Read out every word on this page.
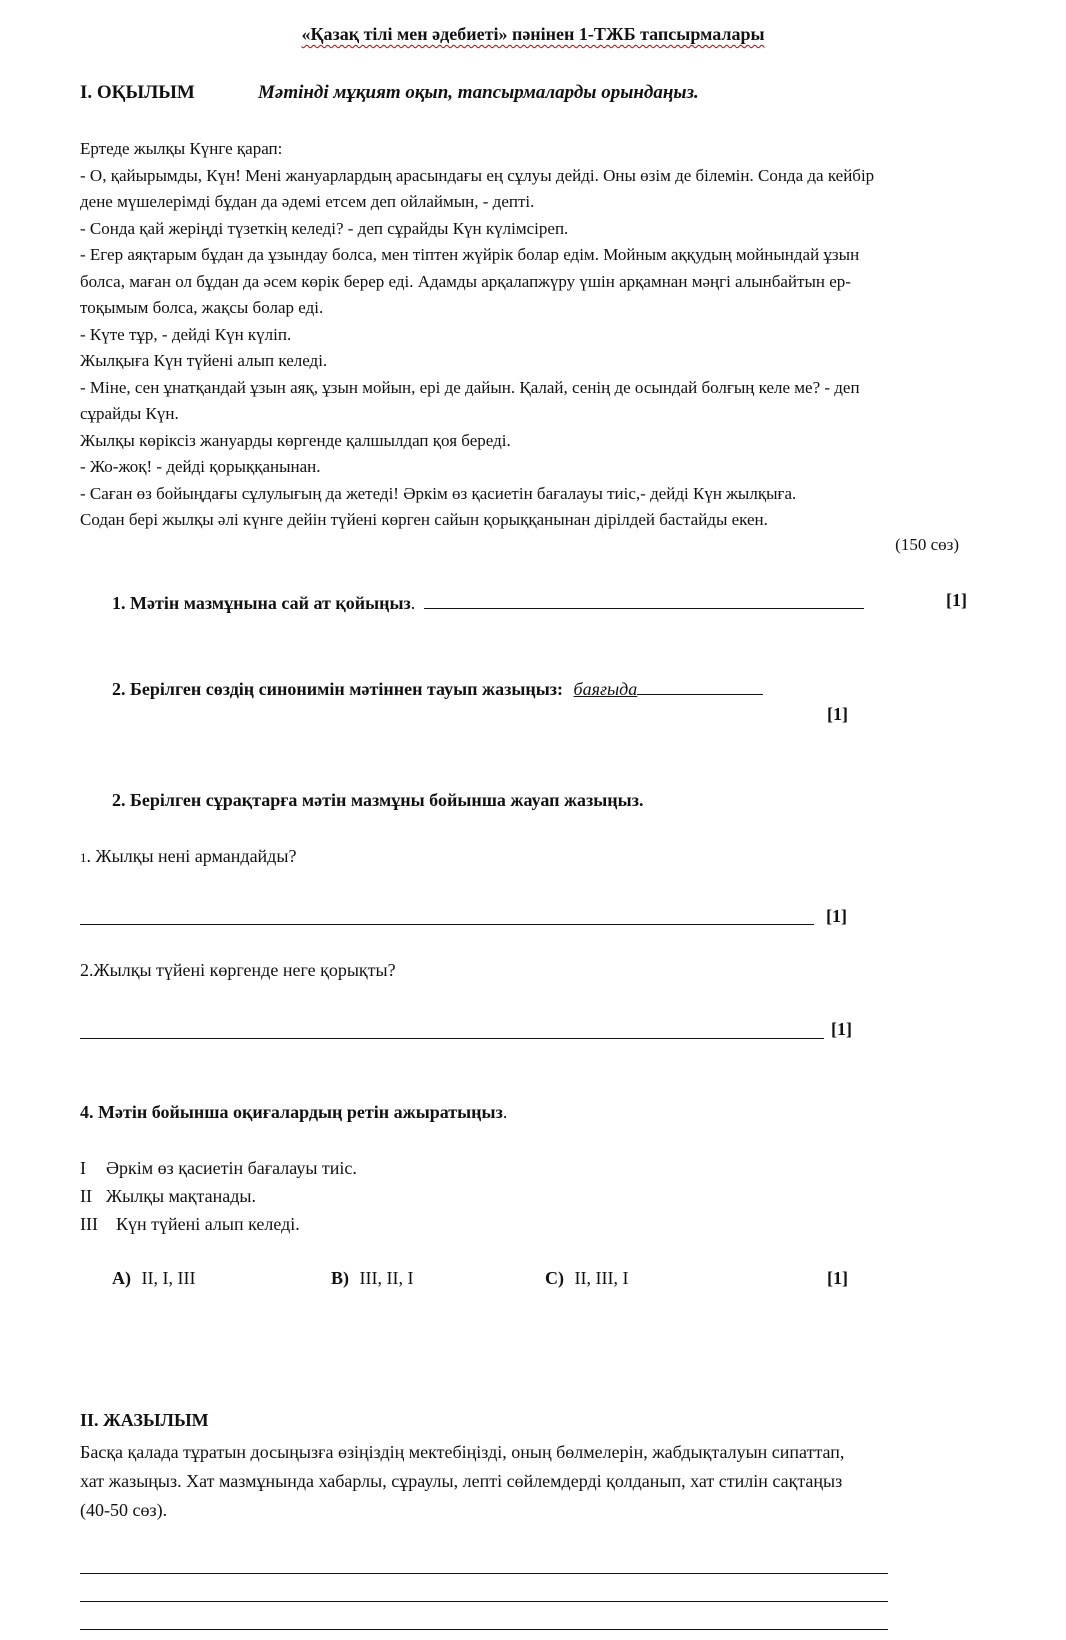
«Қазақ тілі мен әдебиеті» пәнінен 1-ТЖБ тапсырмалары
I. ОҚЫЛЫМ	Мәтінді мұқият оқып, тапсырмаларды орындаңыз.
Ертеде жылқы Күнге қарап:
- О, қайырымды, Күн! Мені жануарлардың арасындағы ең сұлуы дейді. Оны өзім де білемін. Сонда да кейбір
дене мүшелерімді бұдан да әдемі етсем деп ойлаймын, - депті.
- Сонда қай жеріңді түзеткің келеді? - деп сұрайды Күн күлімсіреп.
- Егер аяқтарым бұдан да ұзындау болса, мен тіптен жүйрік болар едім. Мойным аққудың мойнындай ұзын
болса, маған ол бұдан да әсем көрік берер еді. Адамды арқалапжүру үшін арқамнан мәңгі алынбайтын ер-
тоқымым болса, жақсы болар еді.
- Күте тұр, - дейді Күн күліп.
Жылқыға Күн түйені алып келеді.
- Міне, сен ұнатқандай ұзын аяқ, ұзын мойын, ері де дайын. Қалай, сенің де осындай болғың келе ме? - деп
сұрайды Күн.
Жылқы көріксіз жануарды көргенде қалшылдап қоя береді.
- Жо-жоқ! - дейді қорыққанынан.
- Саған өз бойыңдағы сұлулығың да жетеді! Әркім өз қасиетін бағалауы тиіс,- дейді Күн жылқыға.
Содан бері жылқы әлі күнге дейін түйені көрген сайын қорыққанынан дірілдей бастайды екен.
(150 сөз)
1. Мәтін мазмұнына сай ат қойыңыз.	[1]
2. Берілген сөздің синонимін мәтіннен тауып жазыңыз: баяғыда
[1]
2. Берілген сұрақтарға мәтін мазмұны бойынша жауап жазыңыз.
1. Жылқы нені армандайды?
[1]
2.Жылқы түйені көргенде неге қорықты?
[1]
4. Мәтін бойынша оқиғалардың ретін ажыратыңыз.
I Әркім өз қасиетін бағалауы тиіс.
II Жылқы мақтанады.
III Күн түйені алып келеді.
A) II, I, III	B) III, II, I	C) II, III, I	[1]
II. ЖАЗЫЛЫМ
Басқа қалада тұратын досыңызға өзіңіздің мектебіңізді, оның бөлмелерін, жабдықталуын сипаттап,
хат жазыңыз. Хат мазмұнында хабарлы, сұраулы, лепті сөйлемдерді қолданып, хат стилін сақтаңыз
(40-50 сөз).
